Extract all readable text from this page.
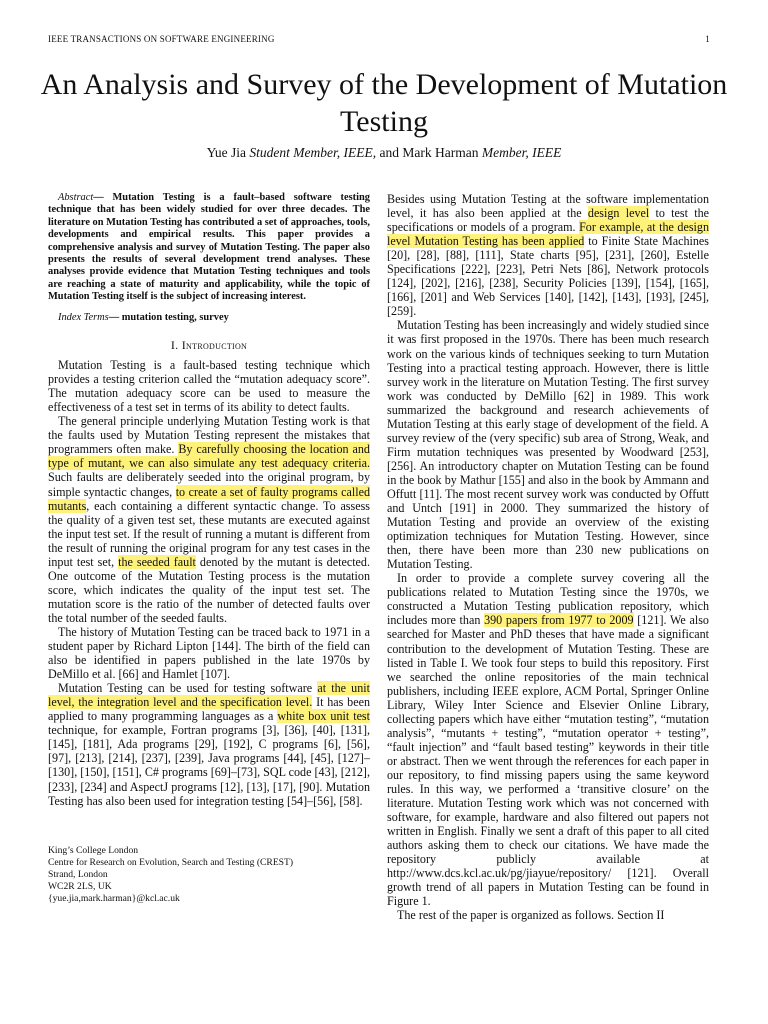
IEEE TRANSACTIONS ON SOFTWARE ENGINEERING	1
An Analysis and Survey of the Development of Mutation Testing
Yue Jia Student Member, IEEE, and Mark Harman Member, IEEE

Abstract— Mutation Testing is a fault–based software testing technique that has been widely studied for over three decades. The literature on Mutation Testing has contributed a set of approaches, tools, developments and empirical results. This paper provides a comprehensive analysis and survey of Mutation Testing. The paper also presents the results of several development trend analyses. These analyses provide evidence that Mutation Testing techniques and tools are reaching a state of maturity and applicability, while the topic of Mutation Testing itself is the subject of increasing interest.

Index Terms— mutation testing, survey

I. Introduction

Mutation Testing is a fault-based testing technique which provides a testing criterion called the “mutation adequacy score”. The mutation adequacy score can be used to measure the effectiveness of a test set in terms of its ability to detect faults.

The general principle underlying Mutation Testing work is that the faults used by Mutation Testing represent the mistakes that programmers often make. By carefully choosing the location and type of mutant, we can also simulate any test adequacy criteria. Such faults are deliberately seeded into the original program, by simple syntactic changes, to create a set of faulty programs called mutants, each containing a different syntactic change. To assess the quality of a given test set, these mutants are executed against the input test set. If the result of running a mutant is different from the result of running the original program for any test cases in the input test set, the seeded fault denoted by the mutant is detected. One outcome of the Mutation Testing process is the mutation score, which indicates the quality of the input test set. The mutation score is the ratio of the number of detected faults over the total number of the seeded faults.

The history of Mutation Testing can be traced back to 1971 in a student paper by Richard Lipton [144]. The birth of the field can also be identified in papers published in the late 1970s by DeMillo et al. [66] and Hamlet [107].

Mutation Testing can be used for testing software at the unit level, the integration level and the specification level. It has been applied to many programming languages as a white box unit test technique, for example, Fortran programs [3], [36], [40], [131], [145], [181], Ada programs [29], [192], C programs [6], [56], [97], [213], [214], [237], [239], Java programs [44], [45], [127]–[130], [150], [151], C# programs [69]–[73], SQL code [43], [212], [233], [234] and AspectJ programs [12], [13], [17], [90]. Mutation Testing has also been used for integration testing [54]–[56], [58].

King’s College London
Centre for Research on Evolution, Search and Testing (CREST)
Strand, London
WC2R 2LS, UK
{yue.jia,mark.harman}@kcl.ac.uk

Besides using Mutation Testing at the software implementation level, it has also been applied at the design level to test the specifications or models of a program. For example, at the design level Mutation Testing has been applied to Finite State Machines [20], [28], [88], [111], State charts [95], [231], [260], Estelle Specifications [222], [223], Petri Nets [86], Network protocols [124], [202], [216], [238], Security Policies [139], [154], [165], [166], [201] and Web Services [140], [142], [143], [193], [245], [259].

Mutation Testing has been increasingly and widely studied since it was first proposed in the 1970s. There has been much research work on the various kinds of techniques seeking to turn Mutation Testing into a practical testing approach. However, there is little survey work in the literature on Mutation Testing. The first survey work was conducted by DeMillo [62] in 1989. This work summarized the background and research achievements of Mutation Testing at this early stage of development of the field. A survey review of the (very specific) sub area of Strong, Weak, and Firm mutation techniques was presented by Woodward [253], [256]. An introductory chapter on Mutation Testing can be found in the book by Mathur [155] and also in the book by Ammann and Offutt [11]. The most recent survey work was conducted by Offutt and Untch [191] in 2000. They summarized the history of Mutation Testing and provide an overview of the existing optimization techniques for Mutation Testing. However, since then, there have been more than 230 new publications on Mutation Testing.

In order to provide a complete survey covering all the publications related to Mutation Testing since the 1970s, we constructed a Mutation Testing publication repository, which includes more than 390 papers from 1977 to 2009 [121]. We also searched for Master and PhD theses that have made a significant contribution to the development of Mutation Testing. These are listed in Table I. We took four steps to build this repository. First we searched the online repositories of the main technical publishers, including IEEE explore, ACM Portal, Springer Online Library, Wiley Inter Science and Elsevier Online Library, collecting papers which have either “mutation testing”, “mutation analysis”, “mutants + testing”, “mutation operator + testing”, “fault injection” and “fault based testing” keywords in their title or abstract. Then we went through the references for each paper in our repository, to find missing papers using the same keyword rules. In this way, we performed a ‘transitive closure’ on the literature. Mutation Testing work which was not concerned with software, for example, hardware and also filtered out papers not written in English. Finally we sent a draft of this paper to all cited authors asking them to check our citations. We have made the repository publicly available at http://www.dcs.kcl.ac.uk/pg/jiayue/repository/ [121]. Overall growth trend of all papers in Mutation Testing can be found in Figure 1.

The rest of the paper is organized as follows. Section II
